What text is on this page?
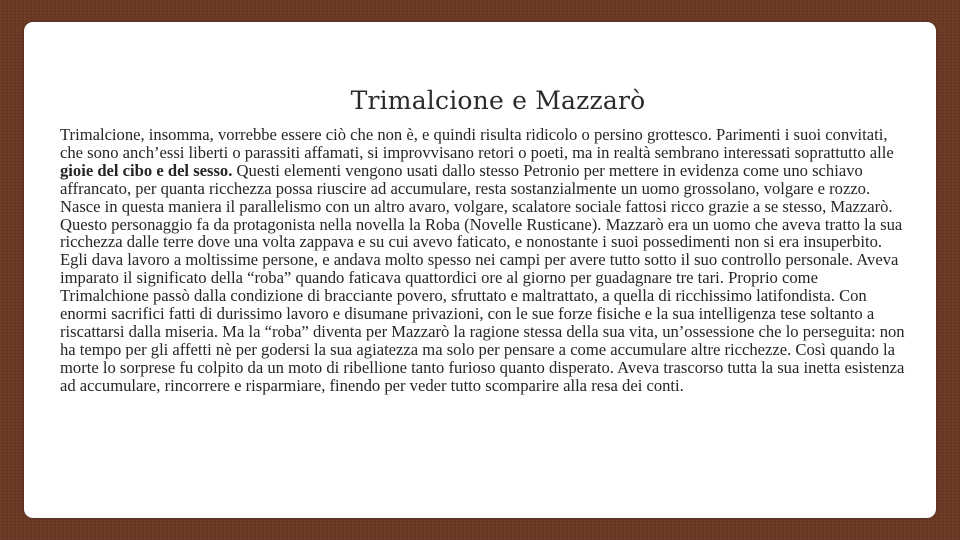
Trimalcione e Mazzarò

Trimalcione, insomma, vorrebbe essere ciò che non è, e quindi risulta ridicolo o persino grottesco. Parimenti i suoi convitati, che sono anch’essi liberti o parassiti affamati, si improvvisano retori o poeti, ma in realtà sembrano interessati soprattutto alle gioie del cibo e del sesso. Questi elementi vengono usati dallo stesso Petronio per mettere in evidenza come uno schiavo affrancato, per quanta ricchezza possa riuscire ad accumulare, resta sostanzialmente un uomo grossolano, volgare e rozzo. Nasce in questa maniera il parallelismo con un altro avaro, volgare, scalatore sociale fattosi ricco grazie a se stesso, Mazzarò. Questo personaggio fa da protagonista nella novella la Roba (Novelle Rusticane). Mazzarò era un uomo che aveva tratto la sua ricchezza dalle terre dove una volta zappava e su cui avevo faticato, e nonostante i suoi possedimenti non si era insuperbito. Egli dava lavoro a moltissime persone, e andava molto spesso nei campi per avere tutto sotto il suo controllo personale. Aveva imparato il significato della “roba” quando faticava quattordici ore al giorno per guadagnare tre tari. Proprio come Trimalchione passò dalla condizione di bracciante povero, sfruttato e maltrattato, a quella di ricchissimo latifondista. Con enormi sacrifici fatti di durissimo lavoro e disumane privazioni, con le sue forze fisiche e la sua intelligenza tese soltanto a riscattarsi dalla miseria. Ma la “roba” diventa per Mazzarò la ragione stessa della sua vita, un’ossessione che lo perseguita: non ha tempo per gli affetti nè per godersi la sua agiatezza ma solo per pensare a come accumulare altre ricchezze. Così quando la morte lo sorprese fu colpito da un moto di ribellione tanto furioso quanto disperato. Aveva trascorso tutta la sua inetta esistenza ad accumulare, rincorrere e risparmiare, finendo per veder tutto scomparire alla resa dei conti.
